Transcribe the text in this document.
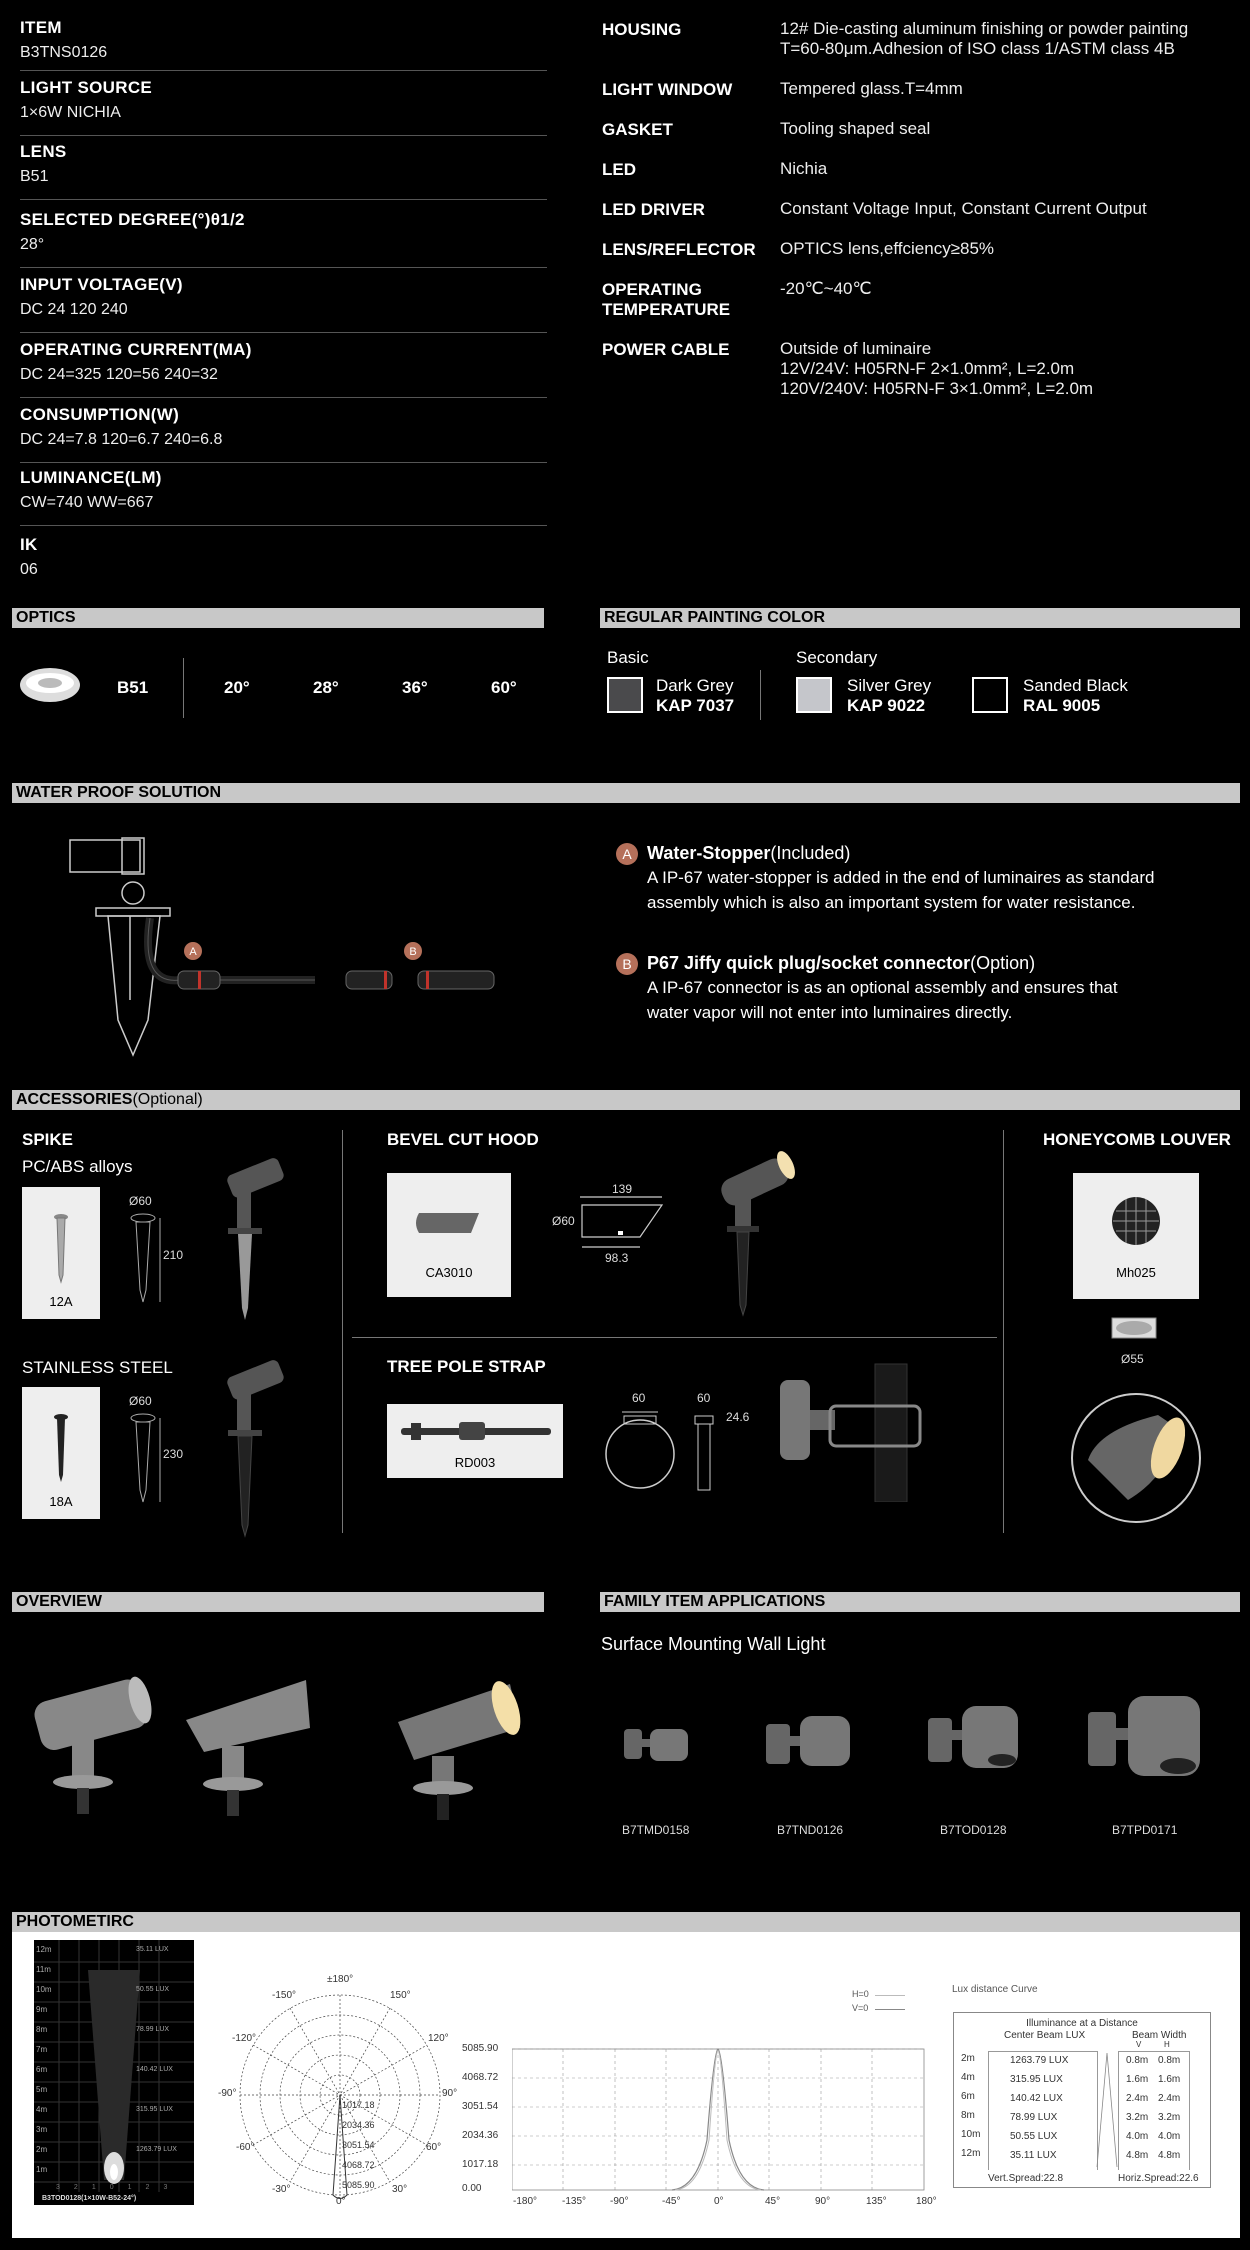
ITEM
B3TNS0126
LIGHT SOURCE
1×6W NICHIA
LENS
B51
SELECTED DEGREE(°)θ1/2
28°
INPUT VOLTAGE(V)
DC 24 120 240
OPERATING CURRENT(MA)
DC 24=325 120=56 240=32
CONSUMPTION(W)
DC 24=7.8 120=6.7 240=6.8
LUMINANCE(LM)
CW=740 WW=667
IK
06
HOUSING	12# Die-casting aluminum finishing or powder painting
T=60-80μm.Adhesion of ISO class 1/ASTM class 4B
LIGHT WINDOW	Tempered glass.T=4mm
GASKET	Tooling shaped seal
LED	Nichia
LED DRIVER	Constant Voltage Input, Constant Current Output
LENS/REFLECTOR	OPTICS lens,effciency≥85%
OPERATING
TEMPERATURE
-20℃~40℃
POWER CABLE	Outside of luminaire
12V/24V: H05RN-F 2×1.0mm², L=2.0m
120V/240V: H05RN-F 3×1.0mm², L=2.0m
OPTICS
B51	20°	28°	36°	60°
REGULAR PAINTING COLOR
Basic	Secondary
Dark Grey
KAP 7037
Silver Grey
KAP 9022
Sanded Black
RAL 9005
WATER PROOF SOLUTION
A	B
A Water-Stopper(Included)
A IP-67 water-stopper is added in the end of luminaires as standard
assembly which is also an important system for water resistance.
B P67 Jiffy quick plug/socket connector(Option)
A IP-67 connector is as an optional assembly and ensures that
water vapor will not enter into luminaires directly.
ACCESSORIES(Optional)
SPIKE
PC/ABS alloys
12A
Ø60
210
STAINLESS STEEL
18A
Ø60
230
BEVEL CUT HOOD
CA3010
139
Ø60
98.3
HONEYCOMB LOUVER
Mh025
Ø55
TREE POLE STRAP
RD003
60	60
24.6
OVERVIEW	FAMILY ITEM APPLICATIONS
Surface Mounting Wall Light
B7TMD0158	B7TND0126	B7TOD0128	B7TPD0171
PHOTOMETIRC
12m
11m
10m
9m
8m
7m
6m
5m
4m
3m
2m
1m
35.11 LUX
50.55 LUX
78.99 LUX
140.42 LUX
315.95 LUX
1263.79 LUX
3210123
B3TOD0128(1×10W-B52-24°)
±180°
-150°	150°
-120°	120°
-90°	90°
-60°	60°
-30°	30°
0°
1017.18
2034.36
3051.54
4068.72
5085.90
5085.90
4068.72
3051.54
2034.36
1017.18
0.00
-180° -135° -90°	-45°	0°	45°	90°	135°	180°
H=0
V=0
Lux distance Curve
Illuminance at a Distance
Center Beam LUX	Beam Width
V	H
2m	1263.79 LUX	0.8m 0.8m
4m	315.95 LUX	1.6m 1.6m
6m	140.42 LUX	2.4m 2.4m
8m	78.99 LUX	3.2m 3.2m
10m	50.55 LUX	4.0m 4.0m
12m	35.11 LUX	4.8m 4.8m
Vert.Spread:22.8	Horiz.Spread:22.6
